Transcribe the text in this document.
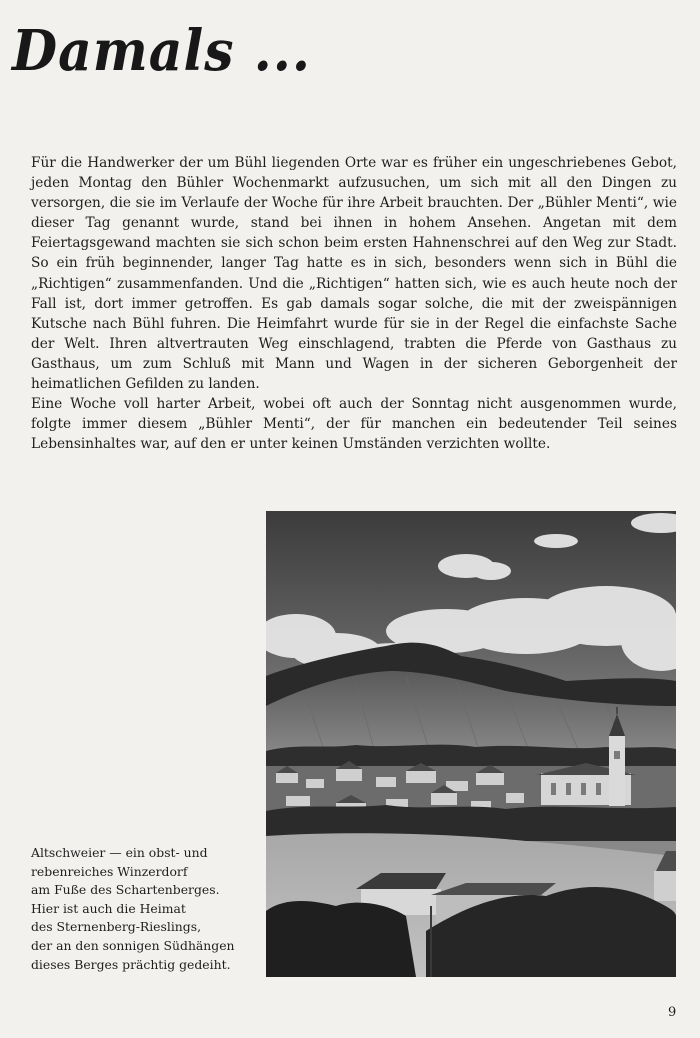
Damals ...

Für die Handwerker der um Bühl liegenden Orte war es früher ein ungeschriebenes Gebot, jeden Montag den Bühler Wochenmarkt aufzusuchen, um sich mit all den Dingen zu versorgen, die sie im Verlaufe der Woche für ihre Arbeit brauchten. Der „Bühler Menti“, wie dieser Tag genannt wurde, stand bei ihnen in hohem Ansehen. Angetan mit dem Feiertagsgewand machten sie sich schon beim ersten Hahnenschrei auf den Weg zur Stadt. So ein früh beginnender, langer Tag hatte es in sich, besonders wenn sich in Bühl die „Richtigen“ zusammenfanden. Und die „Richtigen“ hatten sich, wie es auch heute noch der Fall ist, dort immer getroffen. Es gab damals sogar solche, die mit der zweispännigen Kutsche nach Bühl fuhren. Die Heimfahrt wurde für sie in der Regel die einfachste Sache der Welt. Ihren altvertrauten Weg einschlagend, trabten die Pferde von Gasthaus zu Gasthaus, um zum Schluß mit Mann und Wagen in der sicheren Geborgenheit der heimatlichen Gefilden zu landen.

Eine Woche voll harter Arbeit, wobei oft auch der Sonntag nicht ausgenommen wurde, folgte immer diesem „Bühler Menti“, der für manchen ein bedeutender Teil seines Lebensinhaltes war, auf den er unter keinen Umständen verzichten wollte.

Altschweier — ein obst- und
rebenreiches Winzerdorf
am Fuße des Schartenberges.
Hier ist auch die Heimat
des Sternenberg-Rieslings,
der an den sonnigen Südhängen
dieses Berges prächtig gedeiht.
9
